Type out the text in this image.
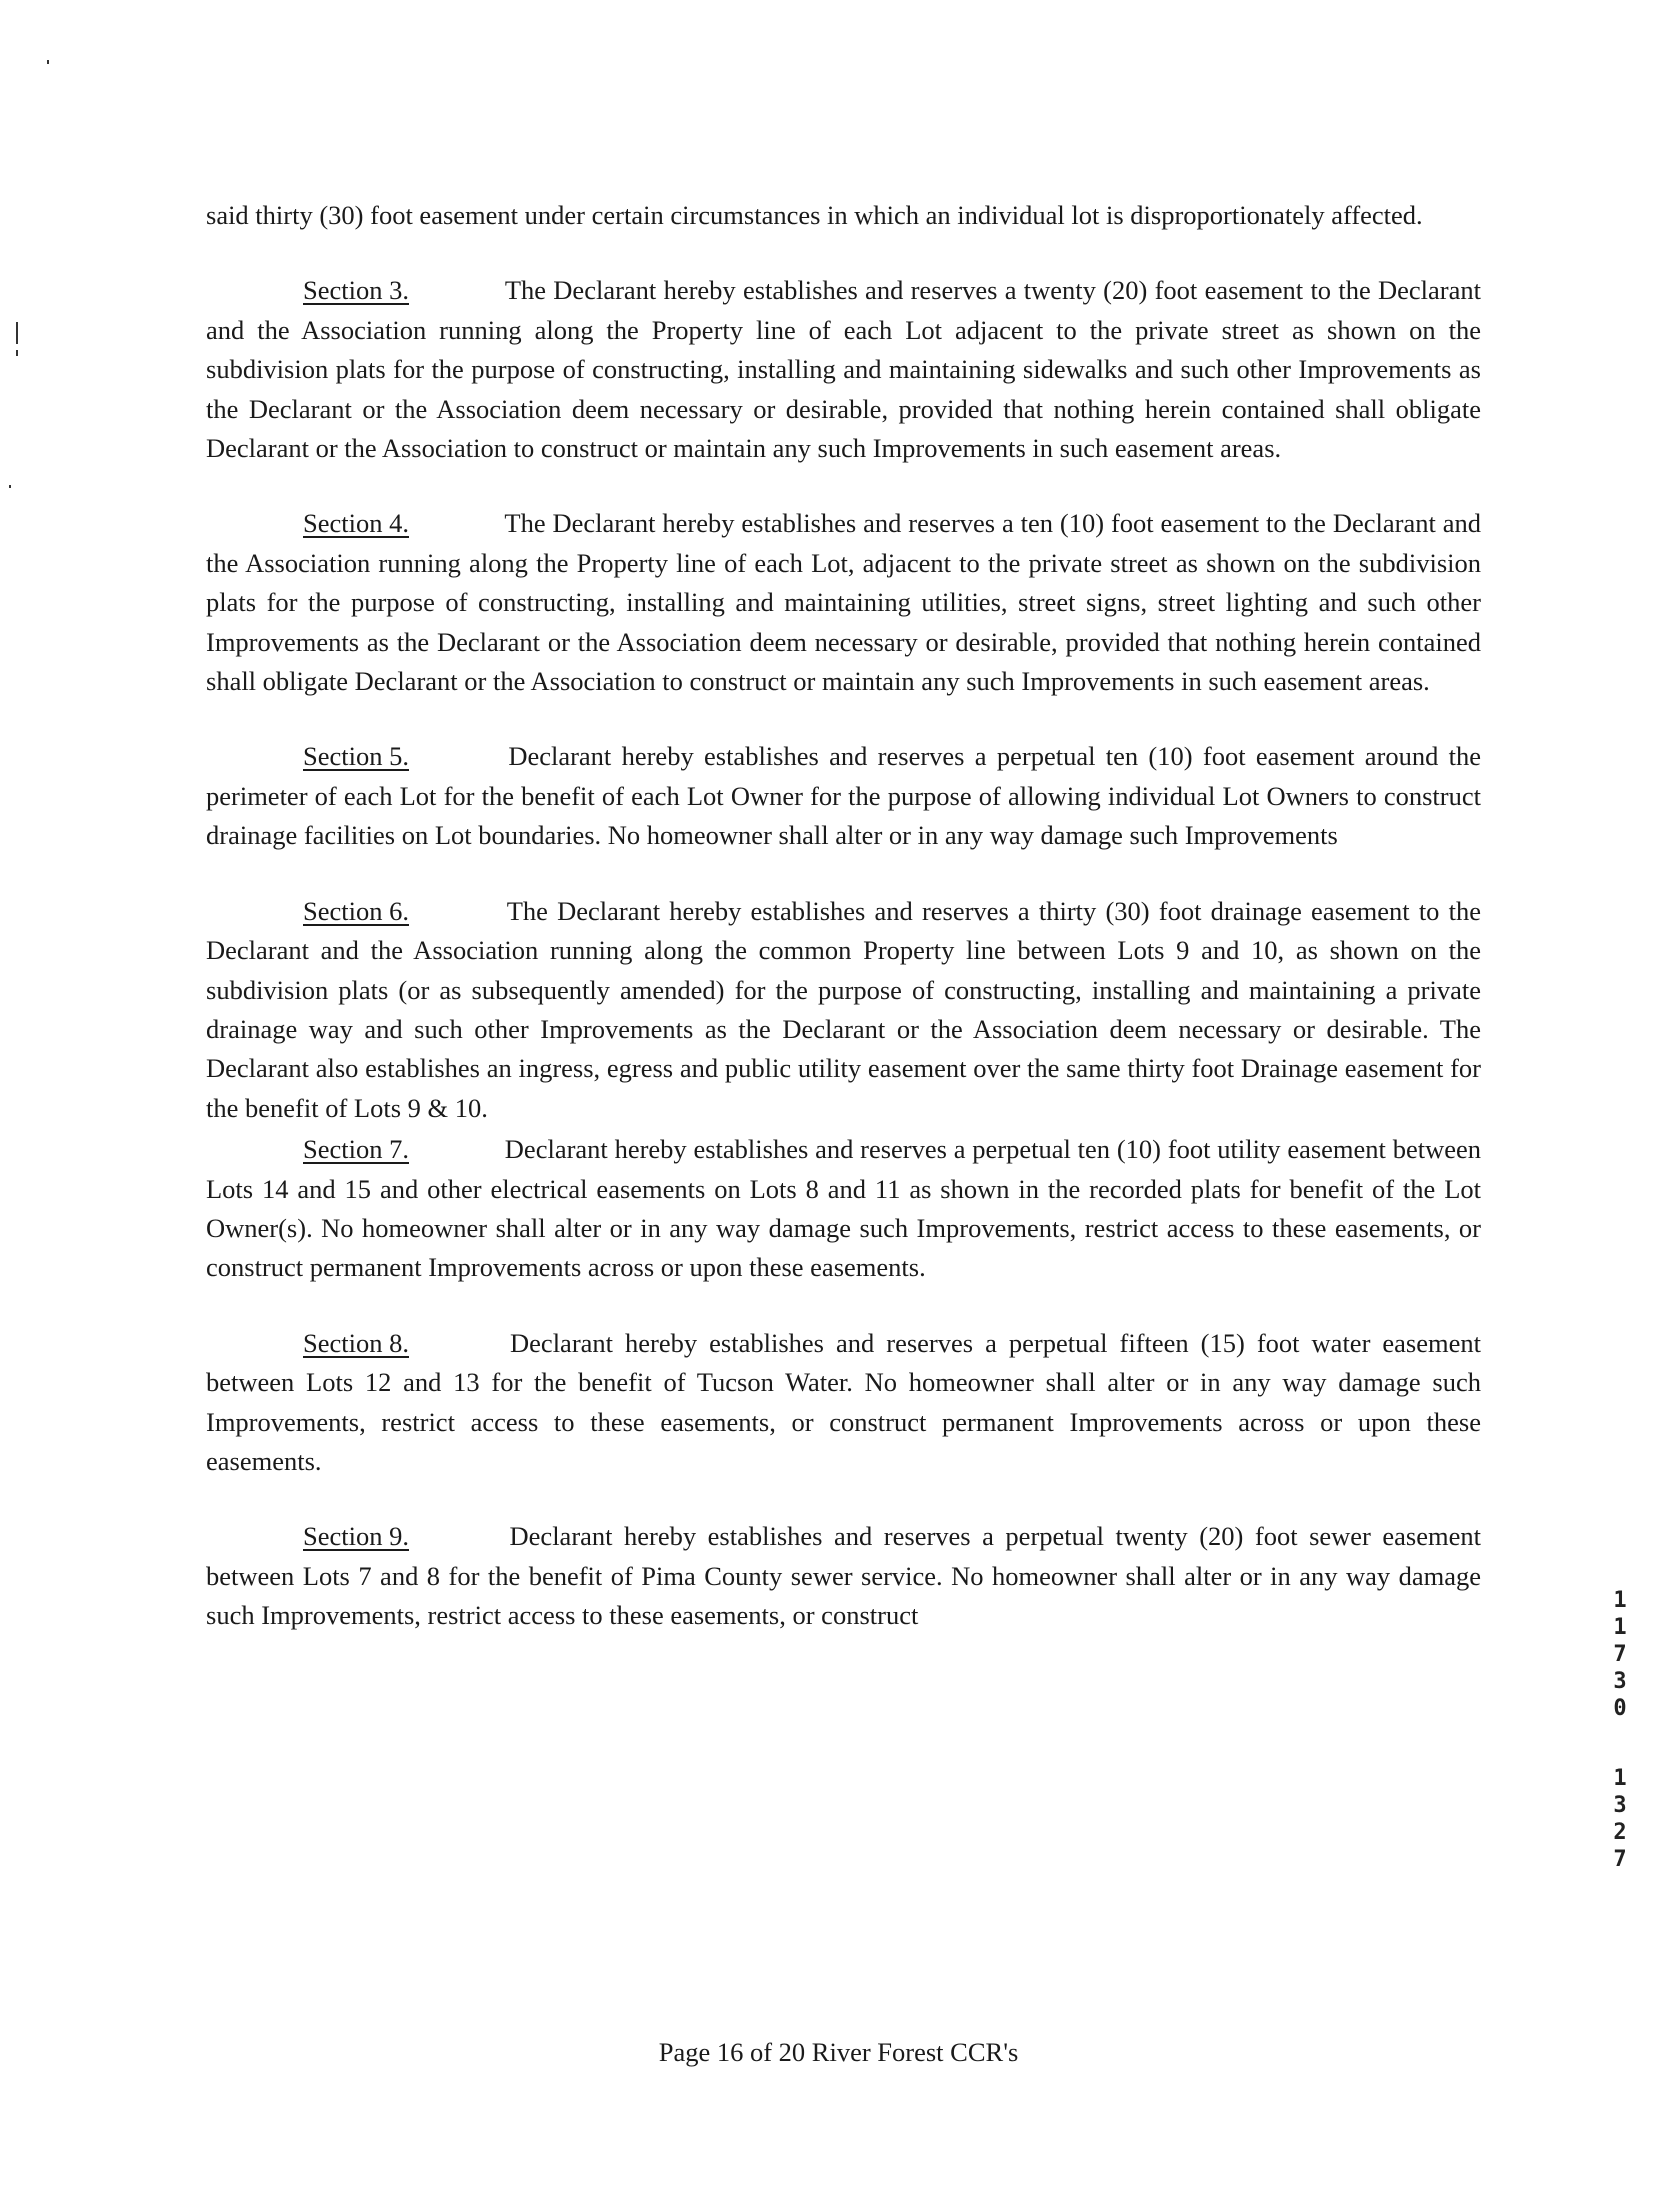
said thirty (30) foot easement under certain circumstances in which an individual lot is disproportionately affected.

Section 3.	The Declarant hereby establishes and reserves a twenty (20) foot easement to the Declarant and the Association running along the Property line of each Lot adjacent to the private street as shown on the subdivision plats for the purpose of constructing, installing and maintaining sidewalks and such other Improvements as the Declarant or the Association deem necessary or desirable, provided that nothing herein contained shall obligate Declarant or the Association to construct or maintain any such Improvements in such easement areas.

Section 4.	The Declarant hereby establishes and reserves a ten (10) foot easement to the Declarant and the Association running along the Property line of each Lot, adjacent to the private street as shown on the subdivision plats for the purpose of constructing, installing and maintaining utilities, street signs, street lighting and such other Improvements as the Declarant or the Association deem necessary or desirable, provided that nothing herein contained shall obligate Declarant or the Association to construct or maintain any such Improvements in such easement areas.

Section 5.	Declarant hereby establishes and reserves a perpetual ten (10) foot easement around the perimeter of each Lot for the benefit of each Lot Owner for the purpose of allowing individual Lot Owners to construct drainage facilities on Lot boundaries. No homeowner shall alter or in any way damage such Improvements

Section 6.	The Declarant hereby establishes and reserves a thirty (30) foot drainage easement to the Declarant and the Association running along the common Property line between Lots 9 and 10, as shown on the subdivision plats (or as subsequently amended) for the purpose of constructing, installing and maintaining a private drainage way and such other Improvements as the Declarant or the Association deem necessary or desirable. The Declarant also establishes an ingress, egress and public utility easement over the same thirty foot Drainage easement for the benefit of Lots 9 & 10.

Section 7.	Declarant hereby establishes and reserves a perpetual ten (10) foot utility easement between Lots 14 and 15 and other electrical easements on Lots 8 and 11 as shown in the recorded plats for benefit of the Lot Owner(s). No homeowner shall alter or in any way damage such Improvements, restrict access to these easements, or construct permanent Improvements across or upon these easements.

Section 8.	Declarant hereby establishes and reserves a perpetual fifteen (15) foot water easement between Lots 12 and 13 for the benefit of Tucson Water. No homeowner shall alter or in any way damage such Improvements, restrict access to these easements, or construct permanent Improvements across or upon these easements.

Section 9.	Declarant hereby establishes and reserves a perpetual twenty (20) foot sewer easement between Lots 7 and 8 for the benefit of Pima County sewer service. No homeowner shall alter or in any way damage such Improvements, restrict access to these easements, or construct	1
1
7
3
0
1
3
2
7
Page 16 of 20 River Forest CCR's
